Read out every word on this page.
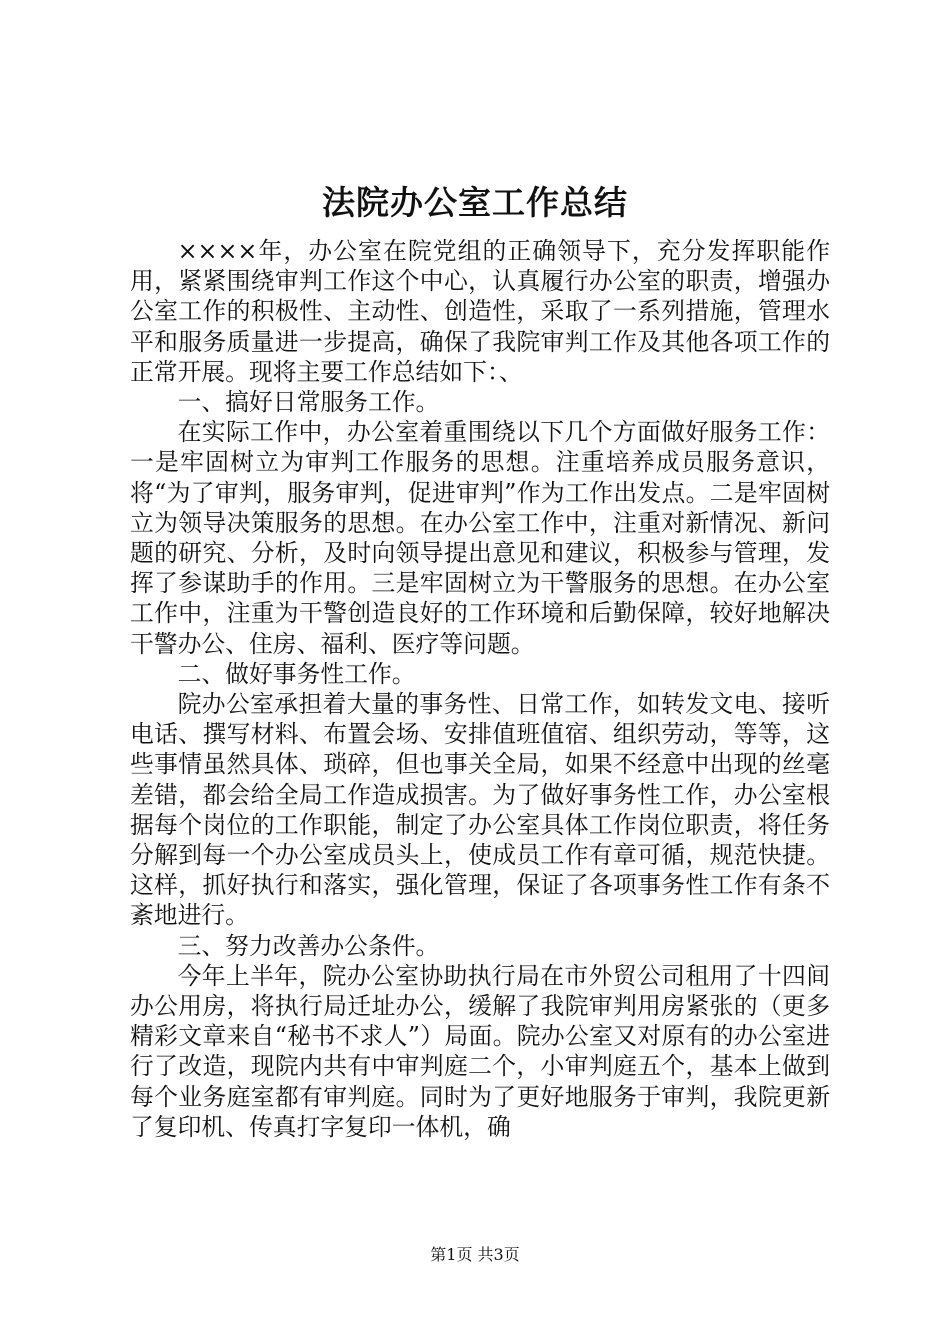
法院办公室工作总结

××××年，办公室在院党组的正确领导下，充分发挥职能作用，紧紧围绕审判工作这个中心，认真履行办公室的职责，增强办公室工作的积极性、主动性、创造性，采取了一系列措施，管理水平和服务质量进一步提高，确保了我院审判工作及其他各项工作的正常开展。现将主要工作总结如下：、

一、搞好日常服务工作。

在实际工作中，办公室着重围绕以下几个方面做好服务工作：一是牢固树立为审判工作服务的思想。注重培养成员服务意识，将“为了审判，服务审判，促进审判”作为工作出发点。二是牢固树立为领导决策服务的思想。在办公室工作中，注重对新情况、新问题的研究、分析，及时向领导提出意见和建议，积极参与管理，发挥了参谋助手的作用。三是牢固树立为干警服务的思想。在办公室工作中，注重为干警创造良好的工作环境和后勤保障，较好地解决干警办公、住房、福利、医疗等问题。

二、做好事务性工作。

院办公室承担着大量的事务性、日常工作，如转发文电、接听电话、撰写材料、布置会场、安排值班值宿、组织劳动，等等，这些事情虽然具体、琐碎，但也事关全局，如果不经意中出现的丝毫差错，都会给全局工作造成损害。为了做好事务性工作，办公室根据每个岗位的工作职能，制定了办公室具体工作岗位职责，将任务分解到每一个办公室成员头上，使成员工作有章可循，规范快捷。这样，抓好执行和落实，强化管理，保证了各项事务性工作有条不紊地进行。

三、努力改善办公条件。

今年上半年，院办公室协助执行局在市外贸公司租用了十四间办公用房，将执行局迁址办公，缓解了我院审判用房紧张的（更多精彩文章来自“秘书不求人”）局面。院办公室又对原有的办公室进行了改造，现院内共有中审判庭二个，小审判庭五个，基本上做到每个业务庭室都有审判庭。同时为了更好地服务于审判，我院更新了复印机、传真打字复印一体机，确

第1页 共3页
